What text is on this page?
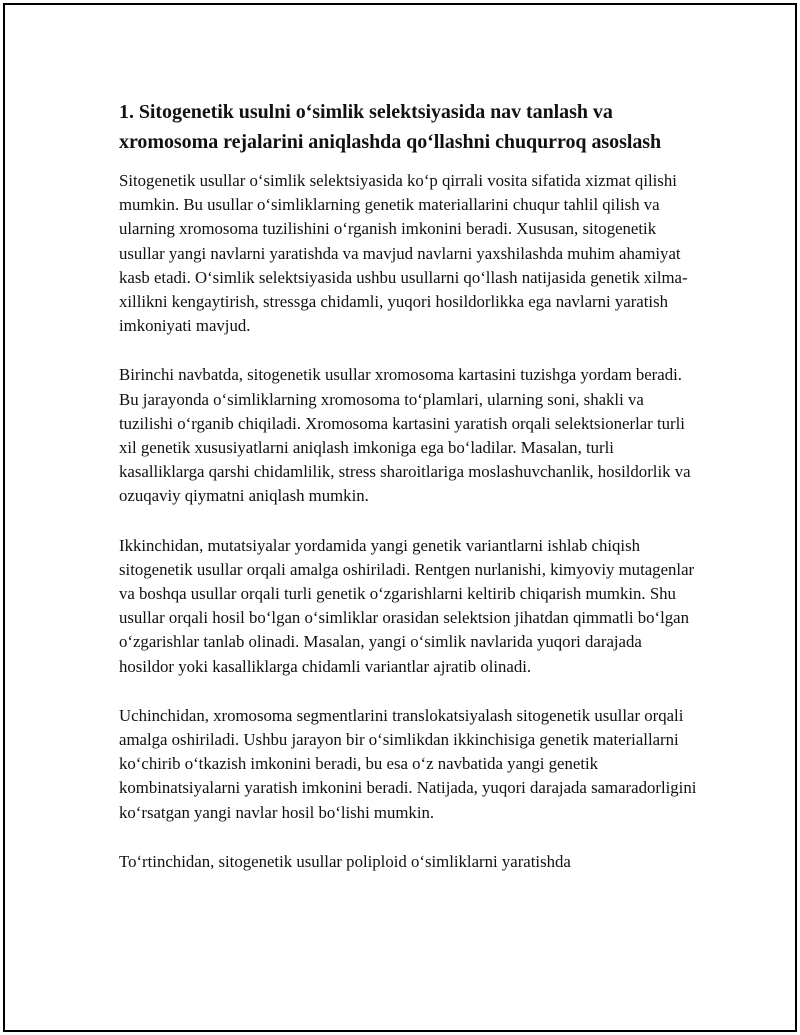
1. Sitogenetik usulni o‘simlik selektsiyasida nav tanlash va xromosoma rejalarini aniqlashda qo‘llashni chuqurroq asoslash

Sitogenetik usullar o‘simlik selektsiyasida ko‘p qirrali vosita sifatida xizmat qilishi mumkin. Bu usullar o‘simliklarning genetik materiallarini chuqur tahlil qilish va ularning xromosoma tuzilishini o‘rganish imkonini beradi. Xususan, sitogenetik usullar yangi navlarni yaratishda va mavjud navlarni yaxshilashda muhim ahamiyat kasb etadi. O‘simlik selektsiyasida ushbu usullarni qo‘llash natijasida genetik xilma-xillikni kengaytirish, stressga chidamli, yuqori hosildorlikka ega navlarni yaratish imkoniyati mavjud.

Birinchi navbatda, sitogenetik usullar xromosoma kartasini tuzishga yordam beradi. Bu jarayonda o‘simliklarning xromosoma to‘plamlari, ularning soni, shakli va tuzilishi o‘rganib chiqiladi. Xromosoma kartasini yaratish orqali selektsionerlar turli xil genetik xususiyatlarni aniqlash imkoniga ega bo‘ladilar. Masalan, turli kasalliklarga qarshi chidamlilik, stress sharoitlariga moslashuvchanlik, hosildorlik va ozuqaviy qiymatni aniqlash mumkin.

Ikkinchidan, mutatsiyalar yordamida yangi genetik variantlarni ishlab chiqish sitogenetik usullar orqali amalga oshiriladi. Rentgen nurlanishi, kimyoviy mutagenlar va boshqa usullar orqali turli genetik o‘zgarishlarni keltirib chiqarish mumkin. Shu usullar orqali hosil bo‘lgan o‘simliklar orasidan selektsion jihatdan qimmatli bo‘lgan o‘zgarishlar tanlab olinadi. Masalan, yangi o‘simlik navlarida yuqori darajada hosildor yoki kasalliklarga chidamli variantlar ajratib olinadi.

Uchinchidan, xromosoma segmentlarini translokatsiyalash sitogenetik usullar orqali amalga oshiriladi. Ushbu jarayon bir o‘simlikdan ikkinchisiga genetik materiallarni ko‘chirib o‘tkazish imkonini beradi, bu esa o‘z navbatida yangi genetik kombinatsiyalarni yaratish imkonini beradi. Natijada, yuqori darajada samaradorligini ko‘rsatgan yangi navlar hosil bo‘lishi mumkin.

To‘rtinchidan, sitogenetik usullar poliploid o‘simliklarni yaratishda
